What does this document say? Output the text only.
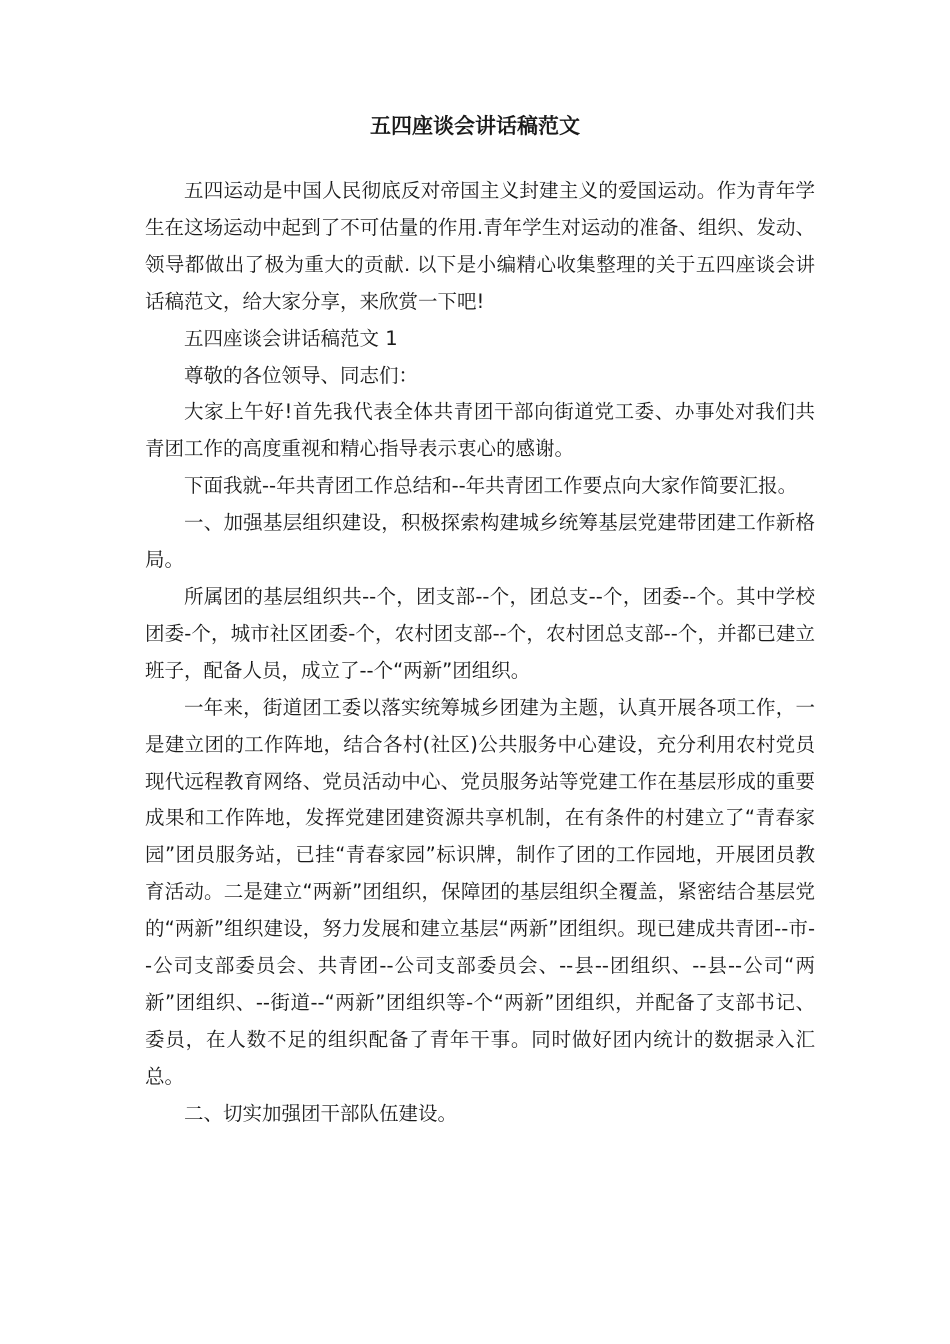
五四座谈会讲话稿范文

五四运动是中国人民彻底反对帝国主义封建主义的爱国运动。作为青年学生在这场运动中起到了不可估量的作用.青年学生对运动的准备、组织、发动、领导都做出了极为重大的贡献. 以下是小编精心收集整理的关于五四座谈会讲话稿范文，给大家分享，来欣赏一下吧!

五四座谈会讲话稿范文 1

尊敬的各位领导、同志们：

大家上午好!首先我代表全体共青团干部向街道党工委、办事处对我们共青团工作的高度重视和精心指导表示衷心的感谢。

下面我就--年共青团工作总结和--年共青团工作要点向大家作简要汇报。

一、加强基层组织建设，积极探索构建城乡统筹基层党建带团建工作新格局。

所属团的基层组织共--个，团支部--个，团总支--个，团委--个。其中学校团委-个，城市社区团委-个，农村团支部--个，农村团总支部--个，并都已建立班子，配备人员，成立了--个“两新”团组织。

一年来，街道团工委以落实统筹城乡团建为主题，认真开展各项工作，一是建立团的工作阵地，结合各村(社区)公共服务中心建设，充分利用农村党员现代远程教育网络、党员活动中心、党员服务站等党建工作在基层形成的重要成果和工作阵地，发挥党建团建资源共享机制，在有条件的村建立了“青春家园”团员服务站，已挂“青春家园”标识牌，制作了团的工作园地，开展团员教育活动。二是建立“两新”团组织，保障团的基层组织全覆盖，紧密结合基层党的“两新”组织建设，努力发展和建立基层“两新”团组织。现已建成共青团--市--公司支部委员会、共青团--公司支部委员会、--县--团组织、--县--公司“两新”团组织、--街道--“两新”团组织等-个“两新”团组织，并配备了支部书记、委员，在人数不足的组织配备了青年干事。同时做好团内统计的数据录入汇总。

二、切实加强团干部队伍建设。
